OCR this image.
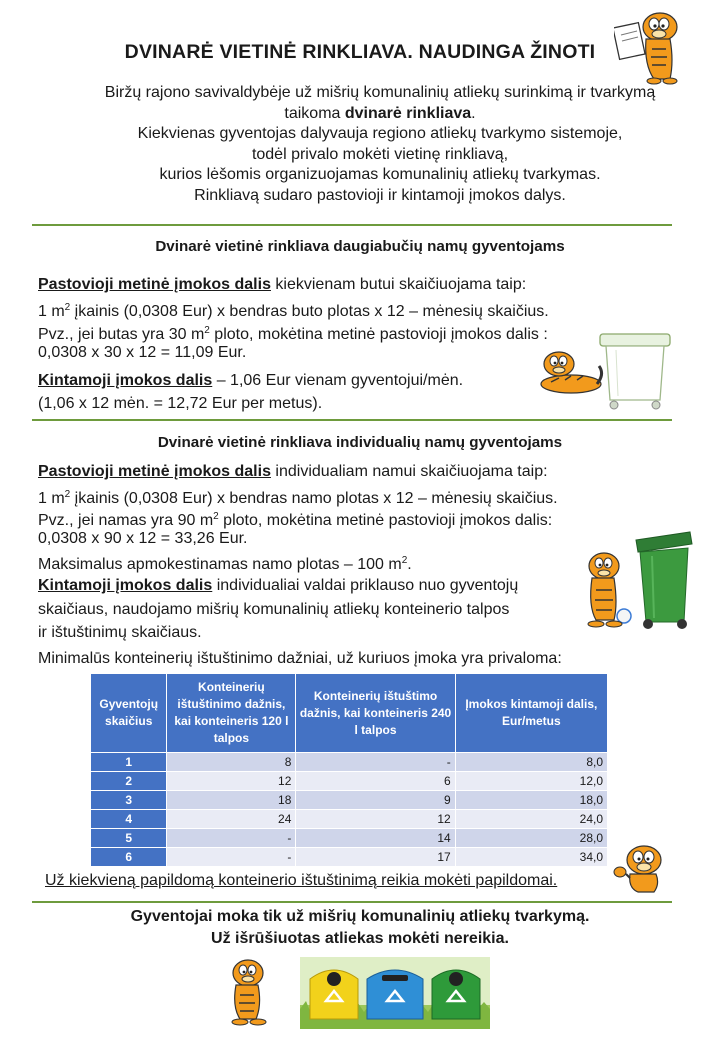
DVINARĖ VIETINĖ RINKLIAVA. NAUDINGA ŽINOTI
Biržų rajono savivaldybėje už mišrių komunalinių atliekų surinkimą ir tvarkymą
taikoma dvinarė rinkliava.
Kiekvienas gyventojas dalyvauja regiono atliekų tvarkymo sistemoje,
todėl privalo mokėti vietinę rinkliavą,
kurios lėšomis organizuojamas komunalinių atliekų tvarkymas.
Rinkliavą sudaro pastovioji ir kintamoji įmokos dalys.
Dvinarė vietinė rinkliava daugiabučių namų gyventojams
Pastovioji metinė įmokos dalis kiekvienam butui skaičiuojama taip:
1 $m^2$ įkainis (0,0308 Eur) x bendras buto plotas x 12 – mėnesių skaičius.
Pvz., jei butas yra 30 $m^2$ ploto, mokėtina metinė pastovioji įmokos dalis :
0,0308 x 30 x 12 = 11,09 Eur.
Kintamoji įmokos dalis – 1,06 Eur vienam gyventojui/mėn.
(1,06 x 12 mėn. = 12,72 Eur per metus).
Dvinarė vietinė rinkliava individualių namų gyventojams
Pastovioji metinė įmokos dalis individualiam namui skaičiuojama taip:
1 $m^2$ įkainis (0,0308 Eur) x bendras namo plotas x 12 – mėnesių skaičius.
Pvz., jei namas yra 90 $m^2$ ploto, mokėtina metinė pastovioji įmokos dalis:
0,0308 x 90 x 12 = 33,26 Eur.
Maksimalus apmokestinamas namo plotas – 100 $m^2$.
Kintamoji įmokos dalis individualiai valdai priklauso nuo gyventojų
skaičiaus, naudojamo mišrių komunalinių atliekų konteinerio talpos
ir ištuštinimų skaičiaus.
Minimalūs konteinerių ištuštinimo dažniai, už kuriuos įmoka yra privaloma:
Gyventojų skaičius	Konteinerių ištuštinimo dažnis, kai konteineris 120 l talpos	Konteinerių ištuštimo dažnis, kai konteineris 240 l talpos	Įmokos kintamoji dalis, Eur/metus
1	8	-	8,0
2	12	6	12,0
3	18	9	18,0
4	24	12	24,0
5	-	14	28,0
6	-	17	34,0
Už kiekvieną papildomą konteinerio ištuštinimą reikia mokėti papildomai.
Gyventojai moka tik už mišrių komunalinių atliekų tvarkymą.
Už išrūšiuotas atliekas mokėti nereikia.
